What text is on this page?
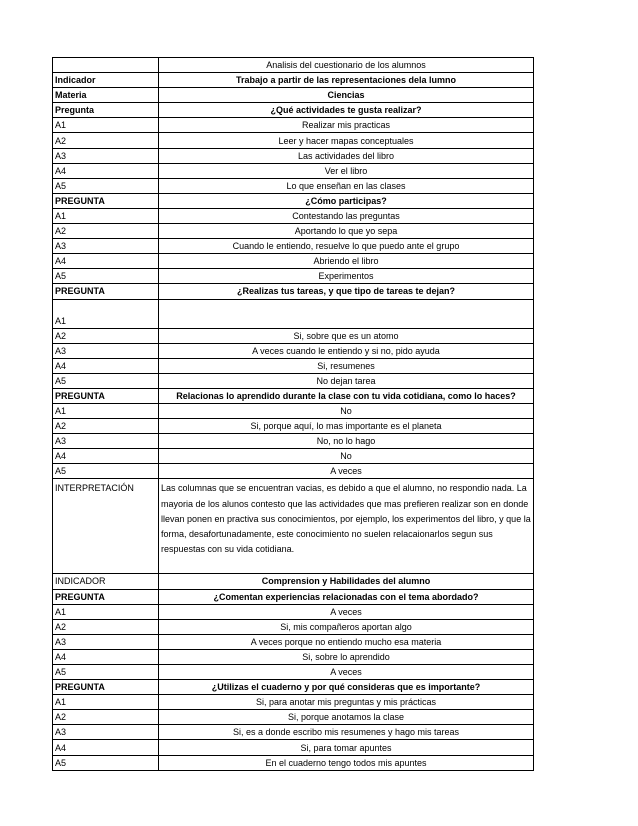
	Analisis del cuestionario de los alumnos
Indicador	Trabajo a partir de las representaciones dela lumno
Materia	Ciencias
Pregunta	¿Qué actividades te gusta realizar?
A1	Realizar mis practicas
A2	Leer y hacer mapas conceptuales
A3	Las actividades del libro
A4	Ver el libro
A5	Lo que enseñan en las clases
PREGUNTA	¿Cómo participas?
A1	Contestando las preguntas
A2	Aportando lo que yo sepa
A3	Cuando le entiendo, resuelve lo que puedo ante el grupo
A4	Abriendo el libro
A5	Experimentos
PREGUNTA	¿Realizas tus tareas, y que tipo de tareas te dejan?
A1	
A2	Si, sobre que es un atomo
A3	A veces cuando le entiendo y si no, pido ayuda
A4	Si, resumenes
A5	No dejan tarea
PREGUNTA	Relacionas lo aprendido durante la clase con tu vida cotidiana, como lo haces?
A1	No
A2	Si, porque aquí, lo mas importante es el planeta
A3	No, no lo hago
A4	No
A5	A veces
INTERPRETACIÓN	Las columnas que se encuentran vacias, es debido a que el alumno, no respondio nada. La mayoria de los alunos contesto que las actividades que mas prefieren realizar son en donde llevan ponen en practiva sus conocimientos, por ejemplo, los experimentos del libro, y que la forma, desafortunadamente, este conocimiento no suelen relacaionarlos segun sus respuestas con su vida cotidiana.
INDICADOR	Comprension y Habilidades del alumno
PREGUNTA	¿Comentan experiencias relacionadas con el tema abordado?
A1	A veces
A2	Si, mis compañeros aportan algo
A3	A veces porque no entiendo mucho esa materia
A4	Si, sobre lo aprendido
A5	A veces
PREGUNTA	¿Utilizas el cuaderno y por qué consideras que es importante?
A1	Si, para anotar mis preguntas y mis prácticas
A2	Si, porque anotamos la clase
A3	Si, es a donde escribo mis resumenes y hago mis tareas
A4	Si, para tomar apuntes
A5	En el cuaderno tengo todos mis apuntes
